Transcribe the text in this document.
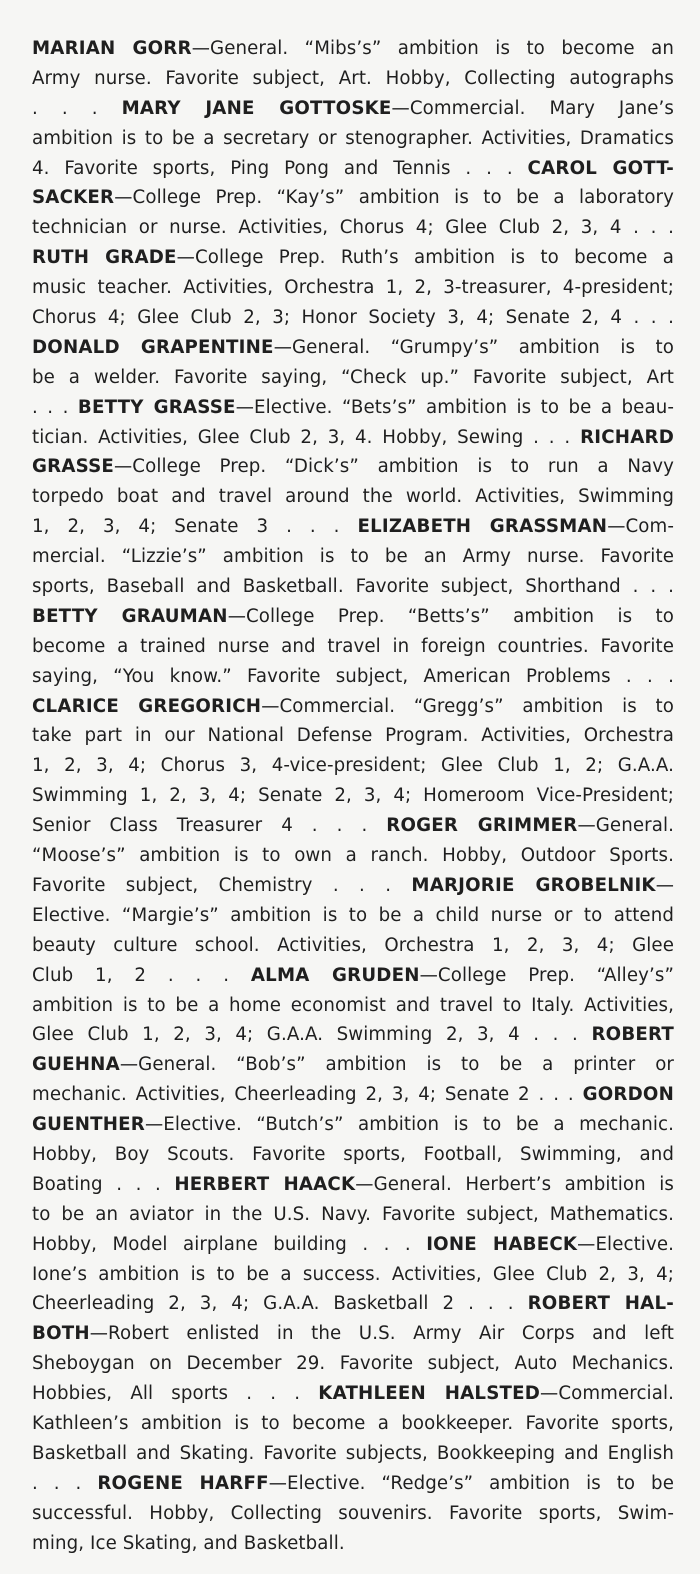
MARIAN GORR—General. “Mibs’s” ambition is to become an
Army nurse. Favorite subject, Art. Hobby, Collecting autographs
. . . MARY JANE GOTTOSKE—Commercial. Mary Jane’s
ambition is to be a secretary or stenographer. Activities, Dramatics
4. Favorite sports, Ping Pong and Tennis . . . CAROL GOTT-
SACKER—College Prep. “Kay’s” ambition is to be a laboratory
technician or nurse. Activities, Chorus 4; Glee Club 2, 3, 4 . . .
RUTH GRADE—College Prep. Ruth’s ambition is to become a
music teacher. Activities, Orchestra 1, 2, 3-treasurer, 4-president;
Chorus 4; Glee Club 2, 3; Honor Society 3, 4; Senate 2, 4 . . .
DONALD GRAPENTINE—General. “Grumpy’s” ambition is to
be a welder. Favorite saying, “Check up.” Favorite subject, Art
. . . BETTY GRASSE—Elective. “Bets’s” ambition is to be a beau-
tician. Activities, Glee Club 2, 3, 4. Hobby, Sewing . . . RICHARD
GRASSE—College Prep. “Dick’s” ambition is to run a Navy
torpedo boat and travel around the world. Activities, Swimming
1, 2, 3, 4; Senate 3 . . . ELIZABETH GRASSMAN—Com-
mercial. “Lizzie’s” ambition is to be an Army nurse. Favorite
sports, Baseball and Basketball. Favorite subject, Shorthand . . .
BETTY GRAUMAN—College Prep. “Betts’s” ambition is to
become a trained nurse and travel in foreign countries. Favorite
saying, “You know.” Favorite subject, American Problems . . .
CLARICE GREGORICH—Commercial. “Gregg’s” ambition is to
take part in our National Defense Program. Activities, Orchestra
1, 2, 3, 4; Chorus 3, 4-vice-president; Glee Club 1, 2; G.A.A.
Swimming 1, 2, 3, 4; Senate 2, 3, 4; Homeroom Vice-President;
Senior Class Treasurer 4 . . . ROGER GRIMMER—General.
“Moose’s” ambition is to own a ranch. Hobby, Outdoor Sports.
Favorite subject, Chemistry . . . MARJORIE GROBELNIK—
Elective. “Margie’s” ambition is to be a child nurse or to attend
beauty culture school. Activities, Orchestra 1, 2, 3, 4; Glee
Club 1, 2 . . . ALMA GRUDEN—College Prep. “Alley’s”
ambition is to be a home economist and travel to Italy. Activities,
Glee Club 1, 2, 3, 4; G.A.A. Swimming 2, 3, 4 . . . ROBERT
GUEHNA—General. “Bob’s” ambition is to be a printer or
mechanic. Activities, Cheerleading 2, 3, 4; Senate 2 . . . GORDON
GUENTHER—Elective. “Butch’s” ambition is to be a mechanic.
Hobby, Boy Scouts. Favorite sports, Football, Swimming, and
Boating . . . HERBERT HAACK—General. Herbert’s ambition is
to be an aviator in the U.S. Navy. Favorite subject, Mathematics.
Hobby, Model airplane building . . . IONE HABECK—Elective.
Ione’s ambition is to be a success. Activities, Glee Club 2, 3, 4;
Cheerleading 2, 3, 4; G.A.A. Basketball 2 . . . ROBERT HAL-
BOTH—Robert enlisted in the U.S. Army Air Corps and left
Sheboygan on December 29. Favorite subject, Auto Mechanics.
Hobbies, All sports . . . KATHLEEN HALSTED—Commercial.
Kathleen’s ambition is to become a bookkeeper. Favorite sports,
Basketball and Skating. Favorite subjects, Bookkeeping and English
. . . ROGENE HARFF—Elective. “Redge’s” ambition is to be
successful. Hobby, Collecting souvenirs. Favorite sports, Swim-
ming, Ice Skating, and Basketball.
